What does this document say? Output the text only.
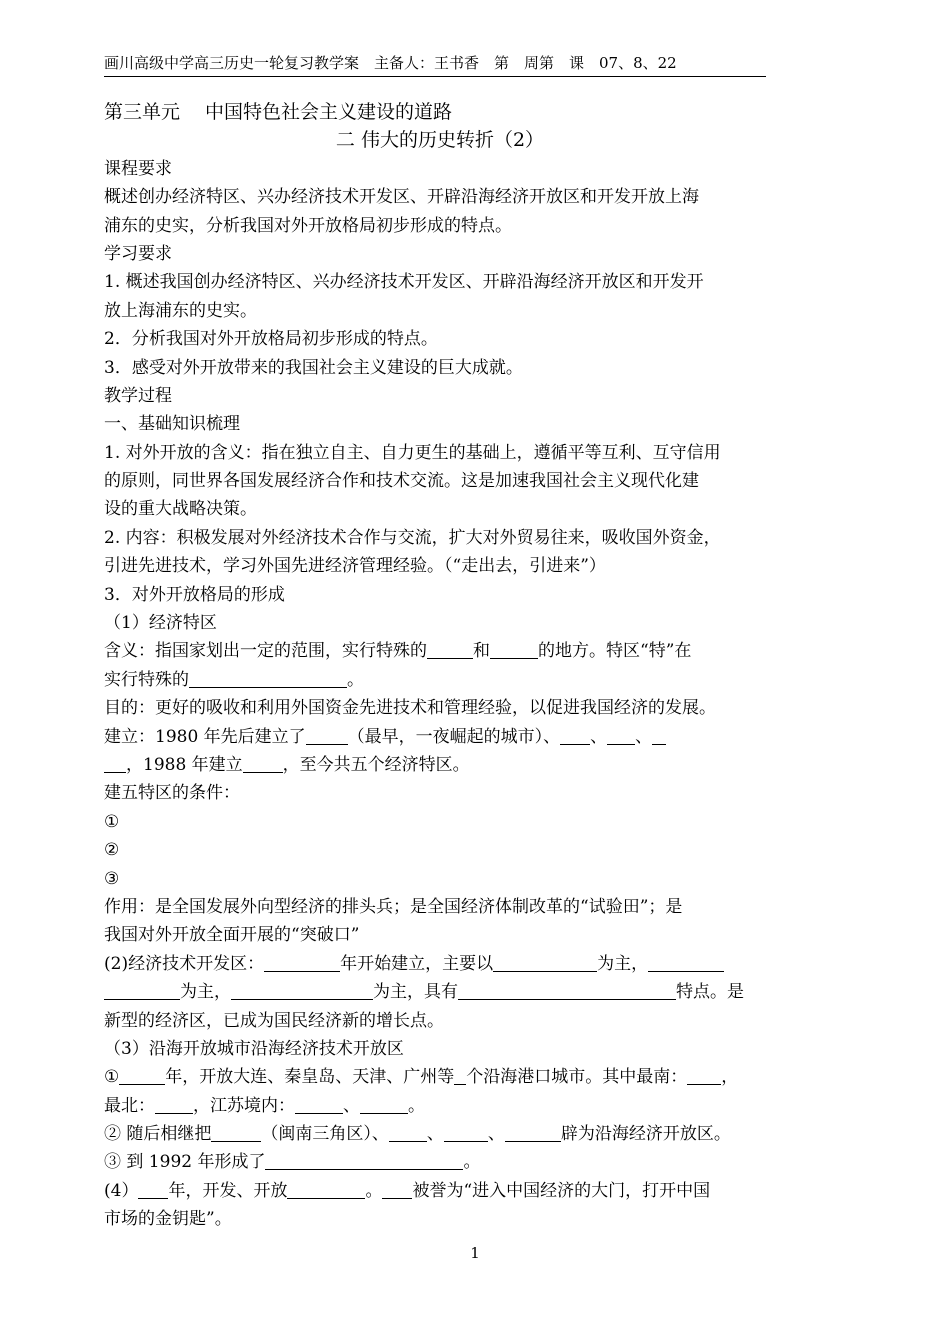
画川高级中学高三历史一轮复习教学案　主备人：王书香　第　周第　课　07、8、22
第三单元　 中国特色社会主义建设的道路
二 伟大的历史转折（2）
课程要求
概述创办经济特区、兴办经济技术开发区、开辟沿海经济开放区和开发开放上海
浦东的史实，分析我国对外开放格局初步形成的特点。
学习要求
1. 概述我国创办经济特区、兴办经济技术开发区、开辟沿海经济开放区和开发开
放上海浦东的史实。
2．分析我国对外开放格局初步形成的特点。
3．感受对外开放带来的我国社会主义建设的巨大成就。
教学过程
一、基础知识梳理
1. 对外开放的含义：指在独立自主、自力更生的基础上，遵循平等互利、互守信用
的原则，同世界各国发展经济合作和技术交流。这是加速我国社会主义现代化建
设的重大战略决策。
2. 内容：积极发展对外经济技术合作与交流，扩大对外贸易往来，吸收国外资金，
引进先进技术，学习外国先进经济管理经验。（“走出去，引进来”）
3．对外开放格局的形成
（1）经济特区
含义：指国家划出一定的范围，实行特殊的	和	的地方。特区“特”在
实行特殊的	。
目的：更好的吸收和利用外国资金先进技术和管理经验，以促进我国经济的发展。
建立：1980 年先后建立了 （最早，一夜崛起的城市）、 、 、
，1988 年建立 ，至今共五个经济特区。
建五特区的条件：
①
②
③
作用：是全国发展外向型经济的排头兵；是全国经济体制改革的“试验田”；是
我国对外开放全面开展的“突破口”
(2)经济技术开发区：	年开始建立，主要以	为主，
为主，	为主，具有	特点。是
新型的经济区，已成为国民经济新的增长点。
（3）沿海开放城市沿海经济技术开放区
①	年，开放大连、秦皇岛、天津、广州等 个沿海港口城市。其中最南： ，
最北： ，江苏境内：	、	。
② 随后相继把	（闽南三角区）、 、	、	辟为沿海经济开放区。
③ 到 1992 年形成了	。
(4） 年，开发、开放	。 被誉为“进入中国经济的大门，打开中国
市场的金钥匙”。
1
